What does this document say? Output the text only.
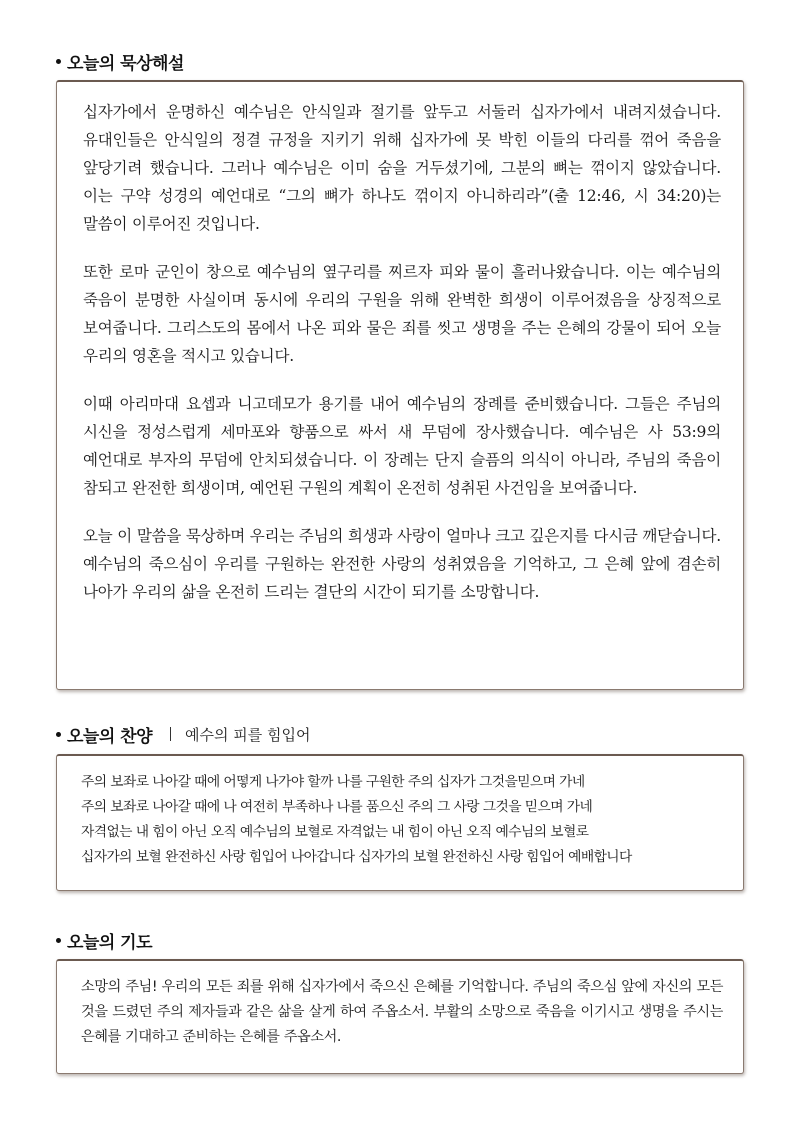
오늘의 묵상해설

십자가에서 운명하신 예수님은 안식일과 절기를 앞두고 서둘러 십자가에서 내려지셨습니다. 유대인들은 안식일의 정결 규정을 지키기 위해 십자가에 못 박힌 이들의 다리를 꺾어 죽음을 앞당기려 했습니다. 그러나 예수님은 이미 숨을 거두셨기에, 그분의 뼈는 꺾이지 않았습니다. 이는 구약 성경의 예언대로 “그의 뼈가 하나도 꺾이지 아니하리라”(출 12:46, 시 34:20)는 말씀이 이루어진 것입니다.

또한 로마 군인이 창으로 예수님의 옆구리를 찌르자 피와 물이 흘러나왔습니다. 이는 예수님의 죽음이 분명한 사실이며 동시에 우리의 구원을 위해 완벽한 희생이 이루어졌음을 상징적으로 보여줍니다. 그리스도의 몸에서 나온 피와 물은 죄를 씻고 생명을 주는 은혜의 강물이 되어 오늘 우리의 영혼을 적시고 있습니다.

이때 아리마대 요셉과 니고데모가 용기를 내어 예수님의 장례를 준비했습니다. 그들은 주님의 시신을 정성스럽게 세마포와 향품으로 싸서 새 무덤에 장사했습니다. 예수님은 사 53:9의 예언대로 부자의 무덤에 안치되셨습니다. 이 장례는 단지 슬픔의 의식이 아니라, 주님의 죽음이 참되고 완전한 희생이며, 예언된 구원의 계획이 온전히 성취된 사건임을 보여줍니다.

오늘 이 말씀을 묵상하며 우리는 주님의 희생과 사랑이 얼마나 크고 깊은지를 다시금 깨닫습니다. 예수님의 죽으심이 우리를 구원하는 완전한 사랑의 성취였음을 기억하고, 그 은혜 앞에 겸손히 나아가 우리의 삶을 온전히 드리는 결단의 시간이 되기를 소망합니다.

오늘의 찬양 예수의 피를 힘입어

주의 보좌로 나아갈 때에 어떻게 나가야 할까 나를 구원한 주의 십자가 그것을믿으며 가네

주의 보좌로 나아갈 때에 나 여전히 부족하나 나를 품으신 주의 그 사랑 그것을 믿으며 가네

자격없는 내 힘이 아닌 오직 예수님의 보혈로 자격없는 내 힘이 아닌 오직 예수님의 보혈로

십자가의 보혈 완전하신 사랑 힘입어 나아갑니다 십자가의 보혈 완전하신 사랑 힘입어 예배합니다

오늘의 기도

소망의 주님! 우리의 모든 죄를 위해 십자가에서 죽으신 은혜를 기억합니다. 주님의 죽으심 앞에 자신의 모든 것을 드렸던 주의 제자들과 같은 삶을 살게 하여 주옵소서. 부활의 소망으로 죽음을 이기시고 생명을 주시는 은혜를 기대하고 준비하는 은혜를 주옵소서.
